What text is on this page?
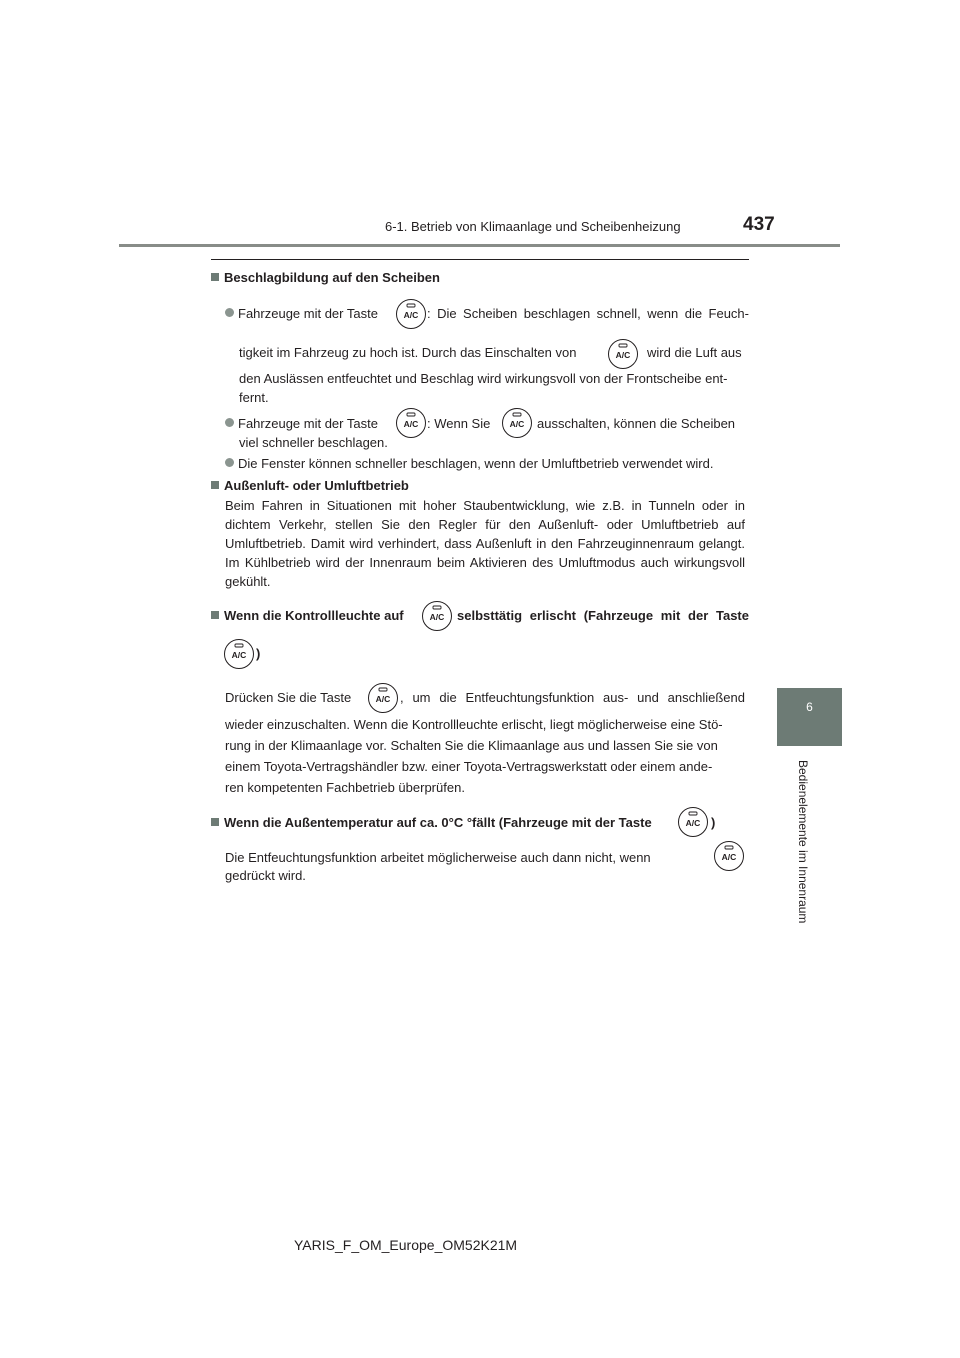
6-1. Betrieb von Klimaanlage und Scheibenheizung	437
6
Bedienelemente im Innenraum
Beschlagbildung auf den Scheiben
Fahrzeuge mit der Taste	: Die Scheiben beschlagen schnell, wenn die Feuch-
tigkeit im Fahrzeug zu hoch ist. Durch das Einschalten von	wird die Luft aus
den Auslässen entfeuchtet und Beschlag wird wirkungsvoll von der Frontscheibe ent-
fernt.
Fahrzeuge mit der Taste	: Wenn Sie	ausschalten, können die Scheiben
viel schneller beschlagen.
Die Fenster können schneller beschlagen, wenn der Umluftbetrieb verwendet wird.
Außenluft- oder Umluftbetrieb
Beim Fahren in Situationen mit hoher Staubentwicklung, wie z.B. in Tunneln oder in dichtem Verkehr, stellen Sie den Regler für den Außenluft- oder Umluftbetrieb auf Umluftbetrieb. Damit wird verhindert, dass Außenluft in den Fahrzeuginnenraum gelangt. Im Kühlbetrieb wird der Innenraum beim Aktivieren des Umluftmodus auch wirkungsvoll gekühlt.
Wenn die Kontrollleuchte auf	selbsttätig erlischt (Fahrzeuge mit der Taste
)
Drücken Sie die Taste	, um die Entfeuchtungsfunktion aus- und anschließend
wieder einzuschalten. Wenn die Kontrollleuchte erlischt, liegt möglicherweise eine Stö-
rung in der Klimaanlage vor. Schalten Sie die Klimaanlage aus und lassen Sie sie von
einem Toyota-Vertragshändler bzw. einer Toyota-Vertragswerkstatt oder einem ande-
ren kompetenten Fachbetrieb überprüfen.
Wenn die Außentemperatur auf ca. 0°C °fällt (Fahrzeuge mit der Taste	)
Die Entfeuchtungsfunktion arbeitet möglicherweise auch dann nicht, wenn
gedrückt wird.
A/C
A/C
A/C	A/C
A/C
A/C
A/C
A/C
A/C
YARIS_F_OM_Europe_OM52K21M
